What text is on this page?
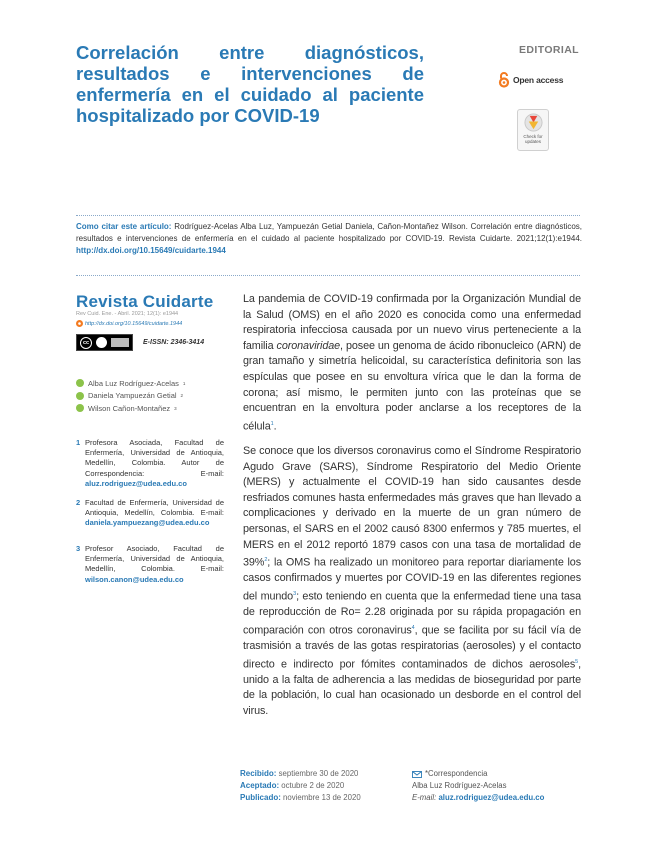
Correlación entre diagnósticos, resultados e intervenciones de enfermería en el cuidado al paciente hospitalizado por COVID-19
EDITORIAL
Open access
Check for updates

Como citar este artículo: Rodríguez-Acelas Alba Luz, Yampuezán Getial Daniela, Cañon-Montañez Wilson. Correlación entre diagnósticos, resultados e intervenciones de enfermería en el cuidado al paciente hospitalizado por COVID-19. Revista Cuidarte. 2021;12(1):e1944. http://dx.doi.org/10.15649/cuidarte.1944

Revista Cuidarte
Rev Cuid. Ene. - Abril. 2021; 12(1): e1944
http://dx.doi.org/10.15649/cuidarte.1944
cc	E-ISSN: 2346-3414
Alba Luz Rodríguez-Acelas 1
Daniela Yampuezán Getial 2
Wilson Cañon-Montañez 3
1 Profesora Asociada, Facultad de Enfermería, Universidad de Antioquia, Medellín, Colombia. Autor de Correspondencia: E-mail: aluz.rodriguez@udea.edu.co

2 Facultad de Enfermería, Universidad de Antioquia, Medellín, Colombia. E-mail: daniela.yampuezang@udea.edu.co

3 Profesor Asociado, Facultad de Enfermería, Universidad de Antioquia, Medellín, Colombia. E-mail: wilson.canon@udea.edu.co

La pandemia de COVID-19 confirmada por la Organización Mundial de la Salud (OMS) en el año 2020 es conocida como una enfermedad respiratoria infecciosa causada por un nuevo virus perteneciente a la familia coronaviridae, posee un genoma de ácido ribonucleico (ARN) de gran tamaño y simetría helicoidal, su característica definitoria son las espículas que posee en su envoltura vírica que le dan la forma de corona; así mismo, le permiten junto con las proteínas que se encuentran en la envoltura poder anclarse a los receptores de la célula$^1$.

Se conoce que los diversos coronavirus como el Síndrome Respiratorio Agudo Grave (SARS), Síndrome Respiratorio del Medio Oriente (MERS) y actualmente el COVID-19 han sido causantes desde resfriados comunes hasta enfermedades más graves que han llevado a complicaciones y derivado en la muerte de un gran número de personas, el SARS en el 2002 causó 8300 enfermos y 785 muertes, el MERS en el 2012 reportó 1879 casos con una tasa de mortalidad de 39%$^2$; la OMS ha realizado un monitoreo para reportar diariamente los casos confirmados y muertes por COVID-19 en las diferentes regiones del mundo$^3$; esto teniendo en cuenta que la enfermedad tiene una tasa de reproducción de Ro= 2.28 originada por su rápida propagación en comparación con otros coronavirus$^4$, que se facilita por su fácil vía de trasmisión a través de las gotas respiratorias (aerosoles) y el contacto directo e indirecto por fómites contaminados de dichos aerosoles$^5$, unido a la falta de adherencia a las medidas de bioseguridad por parte de la población, lo cual han ocasionado un desborde en el control del virus.

Recibido: septiembre 30 de 2020
Aceptado: octubre 2 de 2020
Publicado: noviembre 13 de 2020
*Correspondencia
Alba Luz Rodríguez-Acelas
E-mail: aluz.rodriguez@udea.edu.co
